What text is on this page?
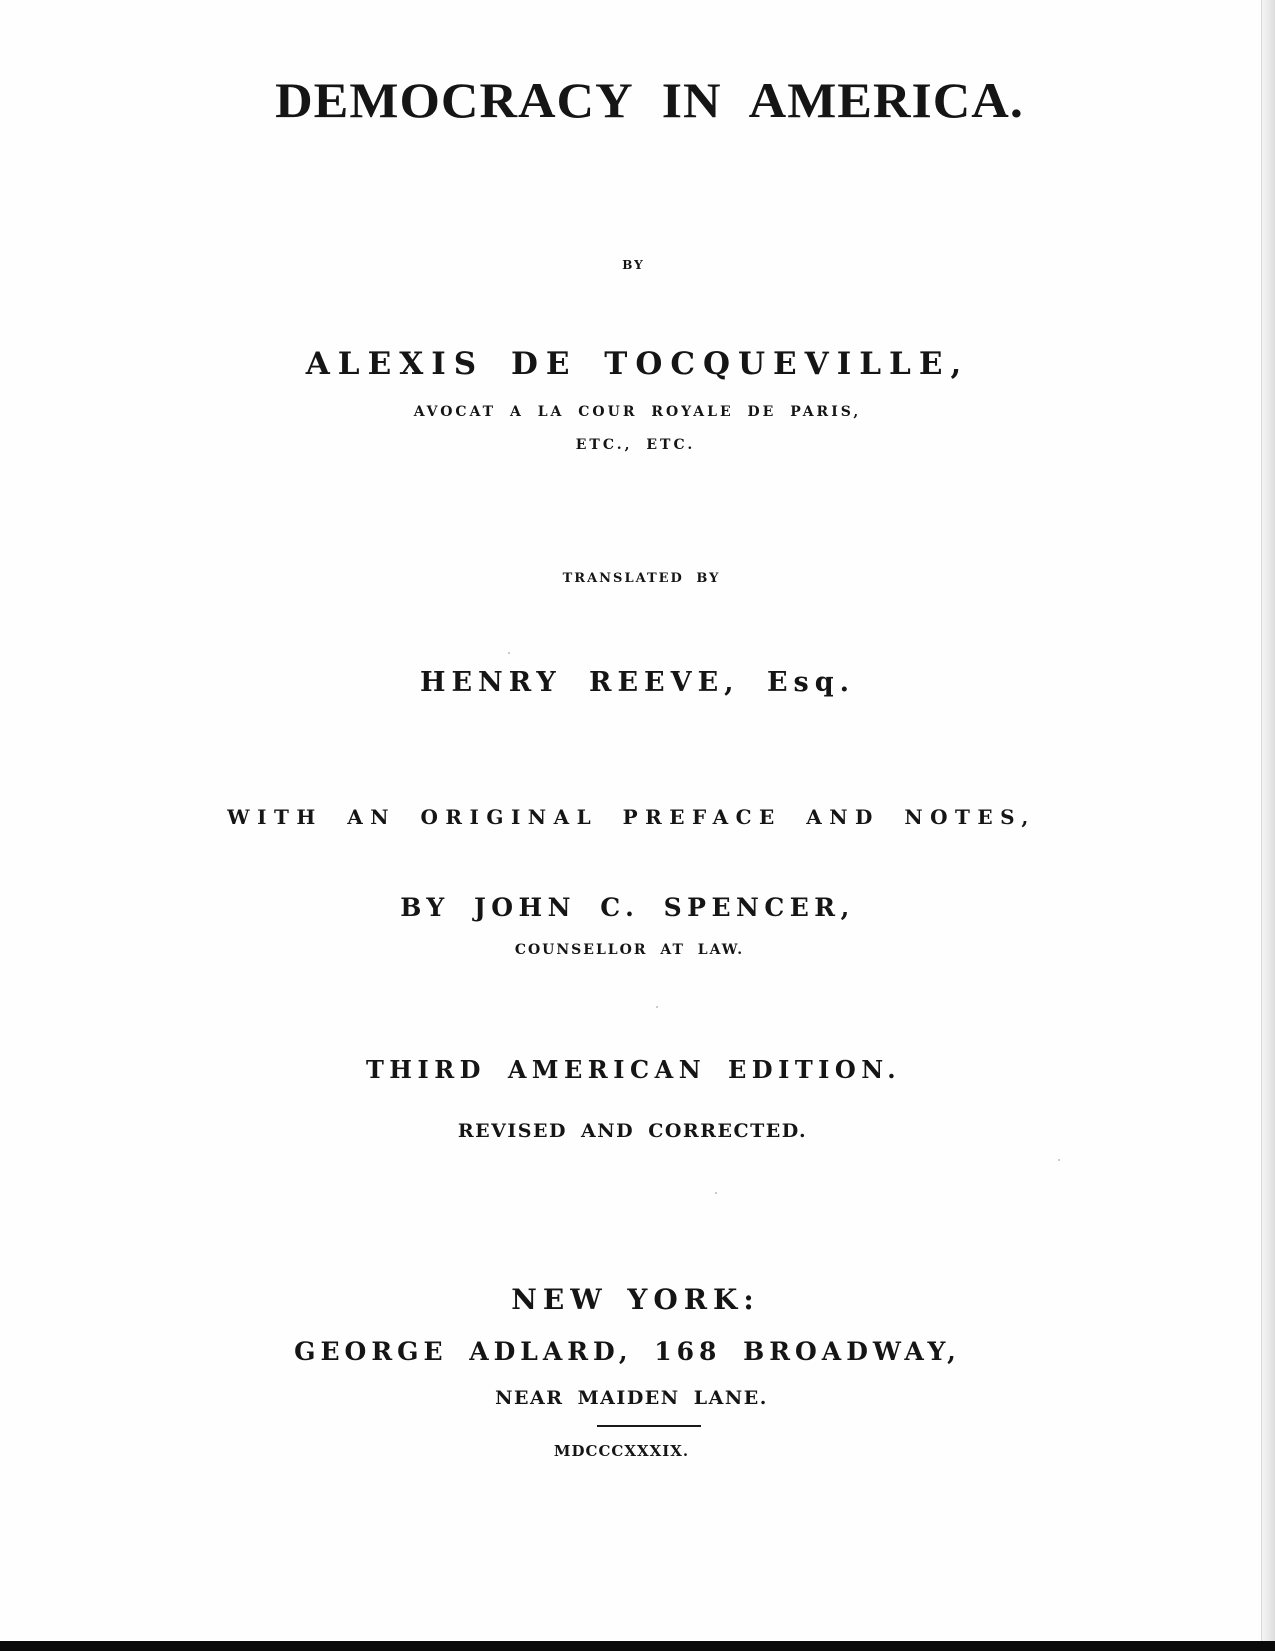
DEMOCRACY IN AMERICA.
BY
ALEXIS DE TOCQUEVILLE,
AVOCAT A LA COUR ROYALE DE PARIS,
ETC., ETC.
TRANSLATED BY
HENRY REEVE, Esq.
WITH AN ORIGINAL PREFACE AND NOTES,
BY JOHN C. SPENCER,
COUNSELLOR AT LAW.
THIRD AMERICAN EDITION.
REVISED AND CORRECTED.
NEW YORK:
GEORGE ADLARD, 168 BROADWAY,
NEAR MAIDEN LANE.
MDCCCXXXIX.
